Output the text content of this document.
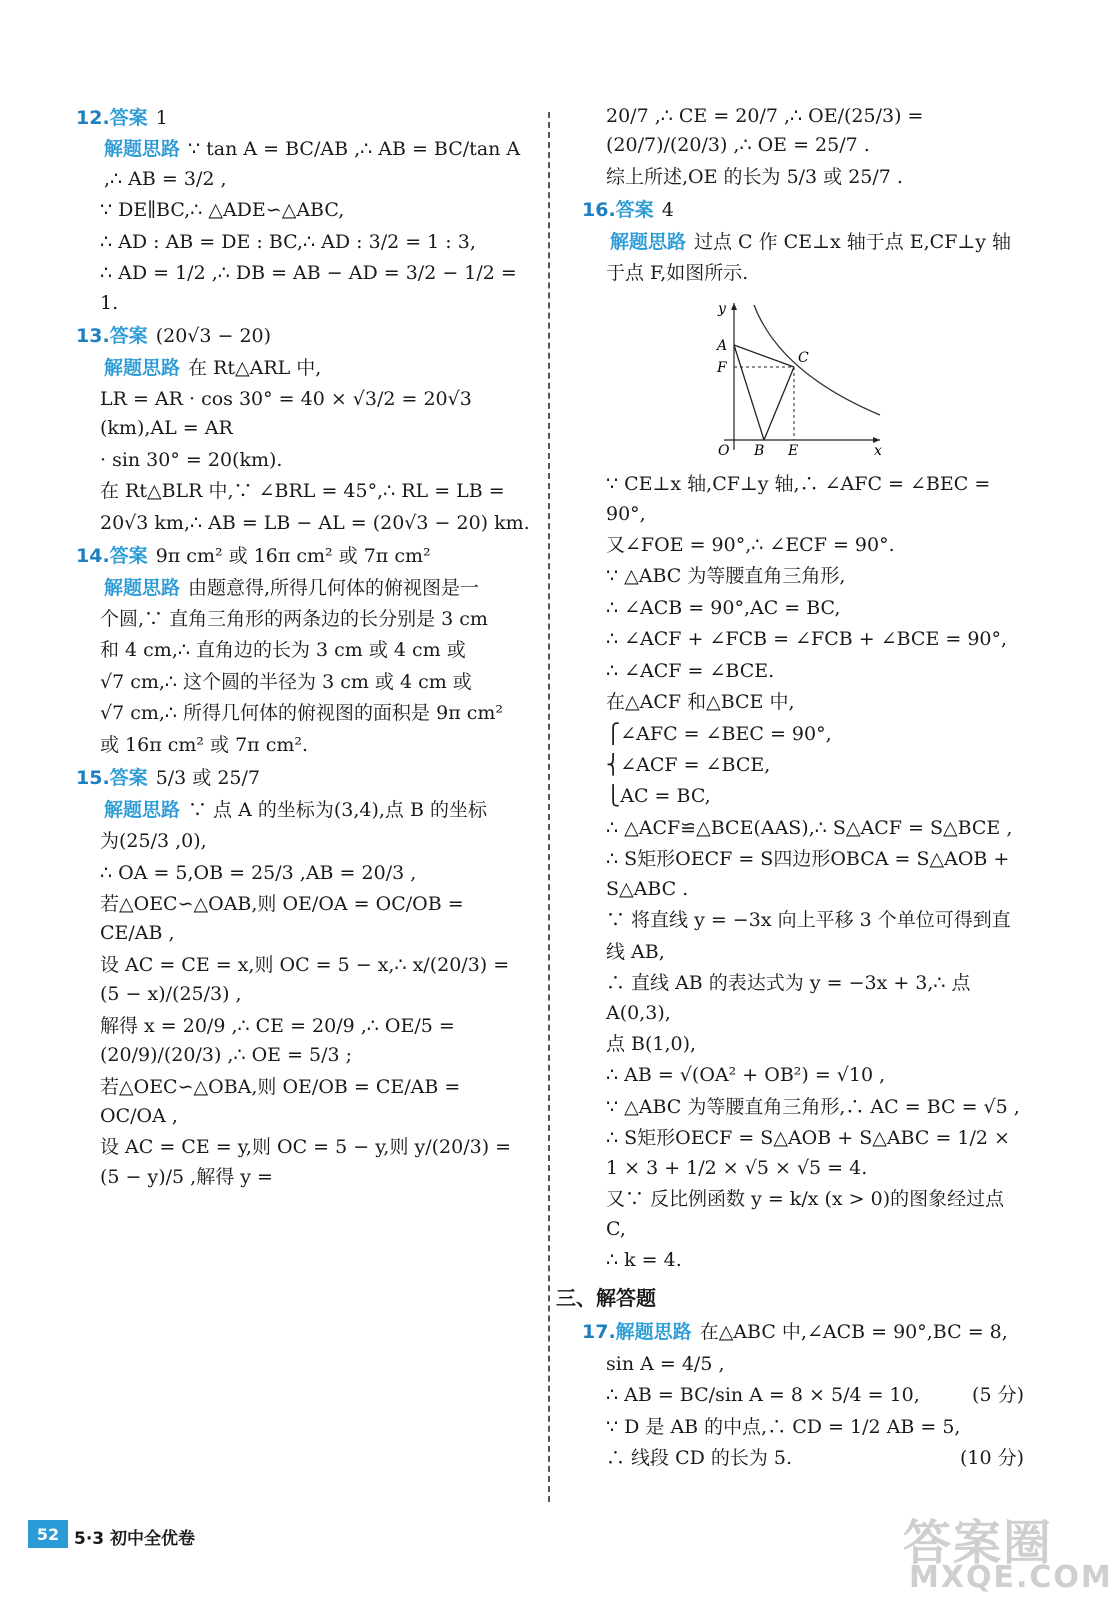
12.答案 1
解题思路 ∵ tan A = BC/AB ,∴ AB = BC/tan A ,∴ AB = 3/2 ,
∵ DE∥BC,∴ △ADE∽△ABC,
∴ AD : AB = DE : BC,∴ AD : 3/2 = 1 : 3,
∴ AD = 1/2 ,∴ DB = AB − AD = 3/2 − 1/2 = 1.
13.答案 (20√3 − 20)
解题思路 在 Rt△ARL 中,
LR = AR · cos 30° = 40 × √3/2 = 20√3 (km),AL = AR
· sin 30° = 20(km).
在 Rt△BLR 中,∵ ∠BRL = 45°,∴ RL = LB =
20√3 km,∴ AB = LB − AL = (20√3 − 20) km.
14.答案 9π cm² 或 16π cm² 或 7π cm²
解题思路 由题意得,所得几何体的俯视图是一
个圆,∵ 直角三角形的两条边的长分别是 3 cm
和 4 cm,∴ 直角边的长为 3 cm 或 4 cm 或
√7 cm,∴ 这个圆的半径为 3 cm 或 4 cm 或
√7 cm,∴ 所得几何体的俯视图的面积是 9π cm²
或 16π cm² 或 7π cm².
15.答案 5/3 或 25/7
解题思路 ∵ 点 A 的坐标为(3,4),点 B 的坐标
为(25/3 ,0),
∴ OA = 5,OB = 25/3 ,AB = 20/3 ,
若△OEC∽△OAB,则 OE/OA = OC/OB = CE/AB ,
设 AC = CE = x,则 OC = 5 − x,∴ x/(20/3) = (5 − x)/(25/3) ,
解得 x = 20/9 ,∴ CE = 20/9 ,∴ OE/5 = (20/9)/(20/3) ,∴ OE = 5/3 ;
若△OEC∽△OBA,则 OE/OB = CE/AB = OC/OA ,
设 AC = CE = y,则 OC = 5 − y,则 y/(20/3) = (5 − y)/5 ,解得 y =
20/7 ,∴ CE = 20/7 ,∴ OE/(25/3) = (20/7)/(20/3) ,∴ OE = 25/7 .
综上所述,OE 的长为 5/3 或 25/7 .
16.答案 4
解题思路 过点 C 作 CE⊥x 轴于点 E,CF⊥y 轴
于点 F,如图所示.
y
x
A
F
C
O B E
∵ CE⊥x 轴,CF⊥y 轴,∴ ∠AFC = ∠BEC = 90°,
又∠FOE = 90°,∴ ∠ECF = 90°.
∵ △ABC 为等腰直角三角形,
∴ ∠ACB = 90°,AC = BC,
∴ ∠ACF + ∠FCB = ∠FCB + ∠BCE = 90°,
∴ ∠ACF = ∠BCE.
在△ACF 和△BCE 中,
⎧∠AFC = ∠BEC = 90°,
⎨∠ACF = ∠BCE,
⎩AC = BC,
∴ △ACF≌△BCE(AAS),∴ S△ACF = S△BCE ,
∴ S矩形OECF = S四边形OBCA = S△AOB + S△ABC .
∵ 将直线 y = −3x 向上平移 3 个单位可得到直
线 AB,
∴ 直线 AB 的表达式为 y = −3x + 3,∴ 点 A(0,3),
点 B(1,0),
∴ AB = √(OA² + OB²) = √10 ,
∵ △ABC 为等腰直角三角形,∴ AC = BC = √5 ,
∴ S矩形OECF = S△AOB + S△ABC = 1/2 × 1 × 3 + 1/2 × √5 × √5 = 4.
又∵ 反比例函数 y = k/x (x > 0)的图象经过点 C,
∴ k = 4.
三、解答题
17.解题思路 在△ABC 中,∠ACB = 90°,BC = 8,
sin A = 4/5 ,
(5 分)
∴ AB = BC/sin A = 8 × 5/4 = 10,
∵ D 是 AB 的中点,∴ CD = 1/2 AB = 5,
(10 分)
∴ 线段 CD 的长为 5.
52 5·3 初中全优卷	答案圈
MXQE.COM
